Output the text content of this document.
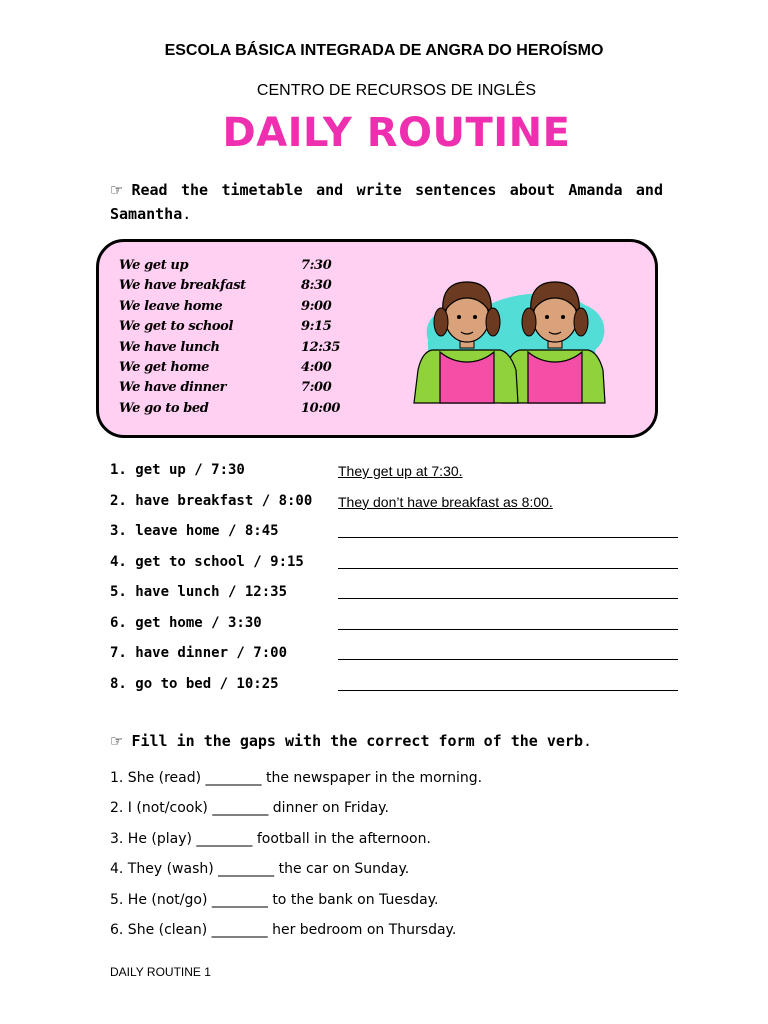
ESCOLA BÁSICA INTEGRADA DE ANGRA DO HEROÍSMO
CENTRO DE RECURSOS DE INGLÊS
DAILY ROUTINE
☞ Read the timetable and write sentences about Amanda and Samantha.
We get up	7:30
We have breakfast	8:30
We leave home	9:00
We get to school	9:15
We have lunch	12:35
We get home	4:00
We have dinner	7:00
We go to bed	10:00
1. get up / 7:30	They get up at 7:30.
2. have breakfast / 8:00 They don’t have breakfast as 8:00.
3. leave home / 8:45
4. get to school / 9:15
5. have lunch / 12:35
6. get home / 3:30
7. have dinner / 7:00
8. go to bed / 10:25
☞ Fill in the gaps with the correct form of the verb.
1. She (read) ________ the newspaper in the morning.
2. I (not/cook) ________ dinner on Friday.
3. He (play) ________ football in the afternoon.
4. They (wash) ________ the car on Sunday.
5. He (not/go) ________ to the bank on Tuesday.
6. She (clean) ________ her bedroom on Thursday.
DAILY ROUTINE 1
